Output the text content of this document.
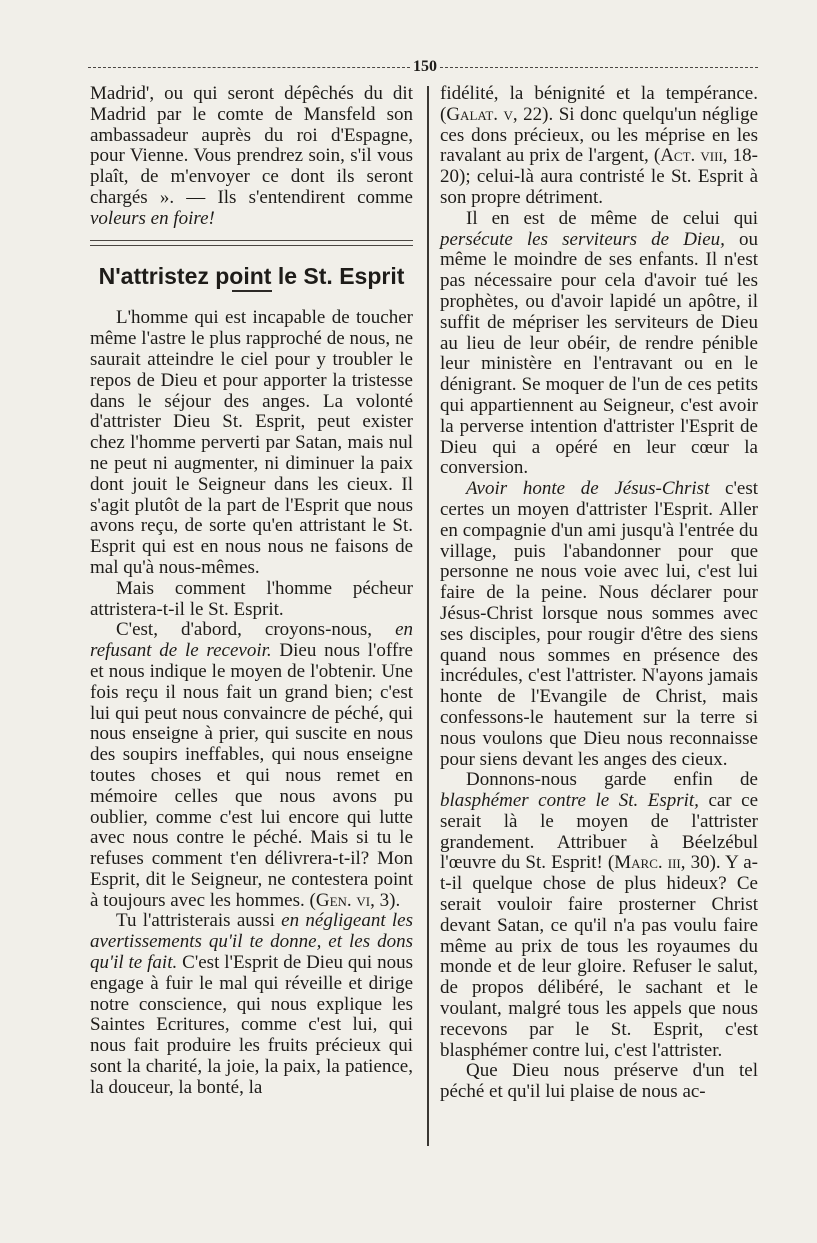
150

Madrid', ou qui seront dépêchés du dit Madrid par le comte de Mansfeld son ambassadeur auprès du roi d'Espagne, pour Vienne. Vous prendrez soin, s'il vous plaît, de m'envoyer ce dont ils seront chargés ». — Ils s'entendirent comme voleurs en foire!

N'attristez point le St. Esprit

L'homme qui est incapable de toucher même l'astre le plus rapproché de nous, ne saurait atteindre le ciel pour y troubler le repos de Dieu et pour apporter la tristesse dans le séjour des anges. La volonté d'attrister Dieu St. Esprit, peut exister chez l'homme perverti par Satan, mais nul ne peut ni augmenter, ni diminuer la paix dont jouit le Seigneur dans les cieux. Il s'agit plutôt de la part de l'Esprit que nous avons reçu, de sorte qu'en attristant le St. Esprit qui est en nous nous ne faisons de mal qu'à nous-mêmes.

Mais comment l'homme pécheur attristera-t-il le St. Esprit.

C'est, d'abord, croyons-nous, en refusant de le recevoir. Dieu nous l'offre et nous indique le moyen de l'obtenir. Une fois reçu il nous fait un grand bien; c'est lui qui peut nous convaincre de péché, qui nous enseigne à prier, qui suscite en nous des soupirs ineffables, qui nous enseigne toutes choses et qui nous remet en mémoire celles que nous avons pu oublier, comme c'est lui encore qui lutte avec nous contre le péché. Mais si tu le refuses comment t'en délivrera-t-il? Mon Esprit, dit le Seigneur, ne contestera point à toujours avec les hommes. (Gen. vi, 3).

Tu l'attristerais aussi en négligeant les avertissements qu'il te donne, et les dons qu'il te fait. C'est l'Esprit de Dieu qui nous engage à fuir le mal qui réveille et dirige notre conscience, qui nous explique les Saintes Ecritures, comme c'est lui, qui nous fait produire les fruits précieux qui sont la charité, la joie, la paix, la patience, la douceur, la bonté, la

fidélité, la bénignité et la tempérance. (Galat. v, 22). Si donc quelqu'un néglige ces dons précieux, ou les méprise en les ravalant au prix de l'argent, (Act. viii, 18-20); celui-là aura contristé le St. Esprit à son propre détriment.

Il en est de même de celui qui persécute les serviteurs de Dieu, ou même le moindre de ses enfants. Il n'est pas nécessaire pour cela d'avoir tué les prophètes, ou d'avoir lapidé un apôtre, il suffit de mépriser les serviteurs de Dieu au lieu de leur obéir, de rendre pénible leur ministère en l'entravant ou en le dénigrant. Se moquer de l'un de ces petits qui appartiennent au Seigneur, c'est avoir la perverse intention d'attrister l'Esprit de Dieu qui a opéré en leur cœur la conversion.

Avoir honte de Jésus-Christ c'est certes un moyen d'attrister l'Esprit. Aller en compagnie d'un ami jusqu'à l'entrée du village, puis l'abandonner pour que personne ne nous voie avec lui, c'est lui faire de la peine. Nous déclarer pour Jésus-Christ lorsque nous sommes avec ses disciples, pour rougir d'être des siens quand nous sommes en présence des incrédules, c'est l'attrister. N'ayons jamais honte de l'Evangile de Christ, mais confessons-le hautement sur la terre si nous voulons que Dieu nous reconnaisse pour siens devant les anges des cieux.

Donnons-nous garde enfin de blasphémer contre le St. Esprit, car ce serait là le moyen de l'attrister grandement. Attribuer à Béelzébul l'œuvre du St. Esprit! (Marc. iii, 30). Y a-t-il quelque chose de plus hideux? Ce serait vouloir faire prosterner Christ devant Satan, ce qu'il n'a pas voulu faire même au prix de tous les royaumes du monde et de leur gloire. Refuser le salut, de propos délibéré, le sachant et le voulant, malgré tous les appels que nous recevons par le St. Esprit, c'est blasphémer contre lui, c'est l'attrister.

Que Dieu nous préserve d'un tel péché et qu'il lui plaise de nous ac-
